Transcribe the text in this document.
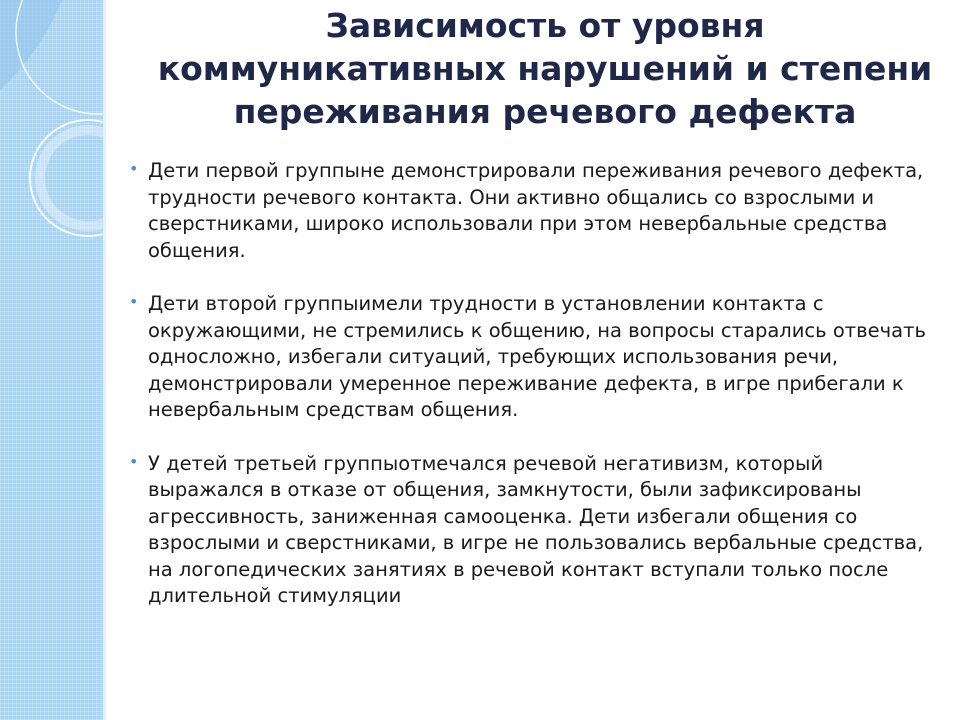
Зависимость от уровня коммуникативных нарушений и степени переживания речевого дефекта
• Дети первой группыне демонстрировали переживания речевого дефекта, трудности речевого контакта. Они активно общались со взрослыми и сверстниками, широко использовали при этом невербальные средства общения.
• Дети второй группыимели трудности в установлении контакта с окружающими, не стремились к общению, на вопросы старались отвечать односложно, избегали ситуаций, требующих использования речи, демонстрировали умеренное переживание дефекта, в игре прибегали к невербальным средствам общения.
• У детей третьей группыотмечался речевой негативизм, который выражался в отказе от общения, замкнутости, были зафиксированы агрессивность, заниженная самооценка. Дети избегали общения со взрослыми и сверстниками, в игре не пользовались вербальные средства, на логопедических занятиях в речевой контакт вступали только после длительной стимуляции
